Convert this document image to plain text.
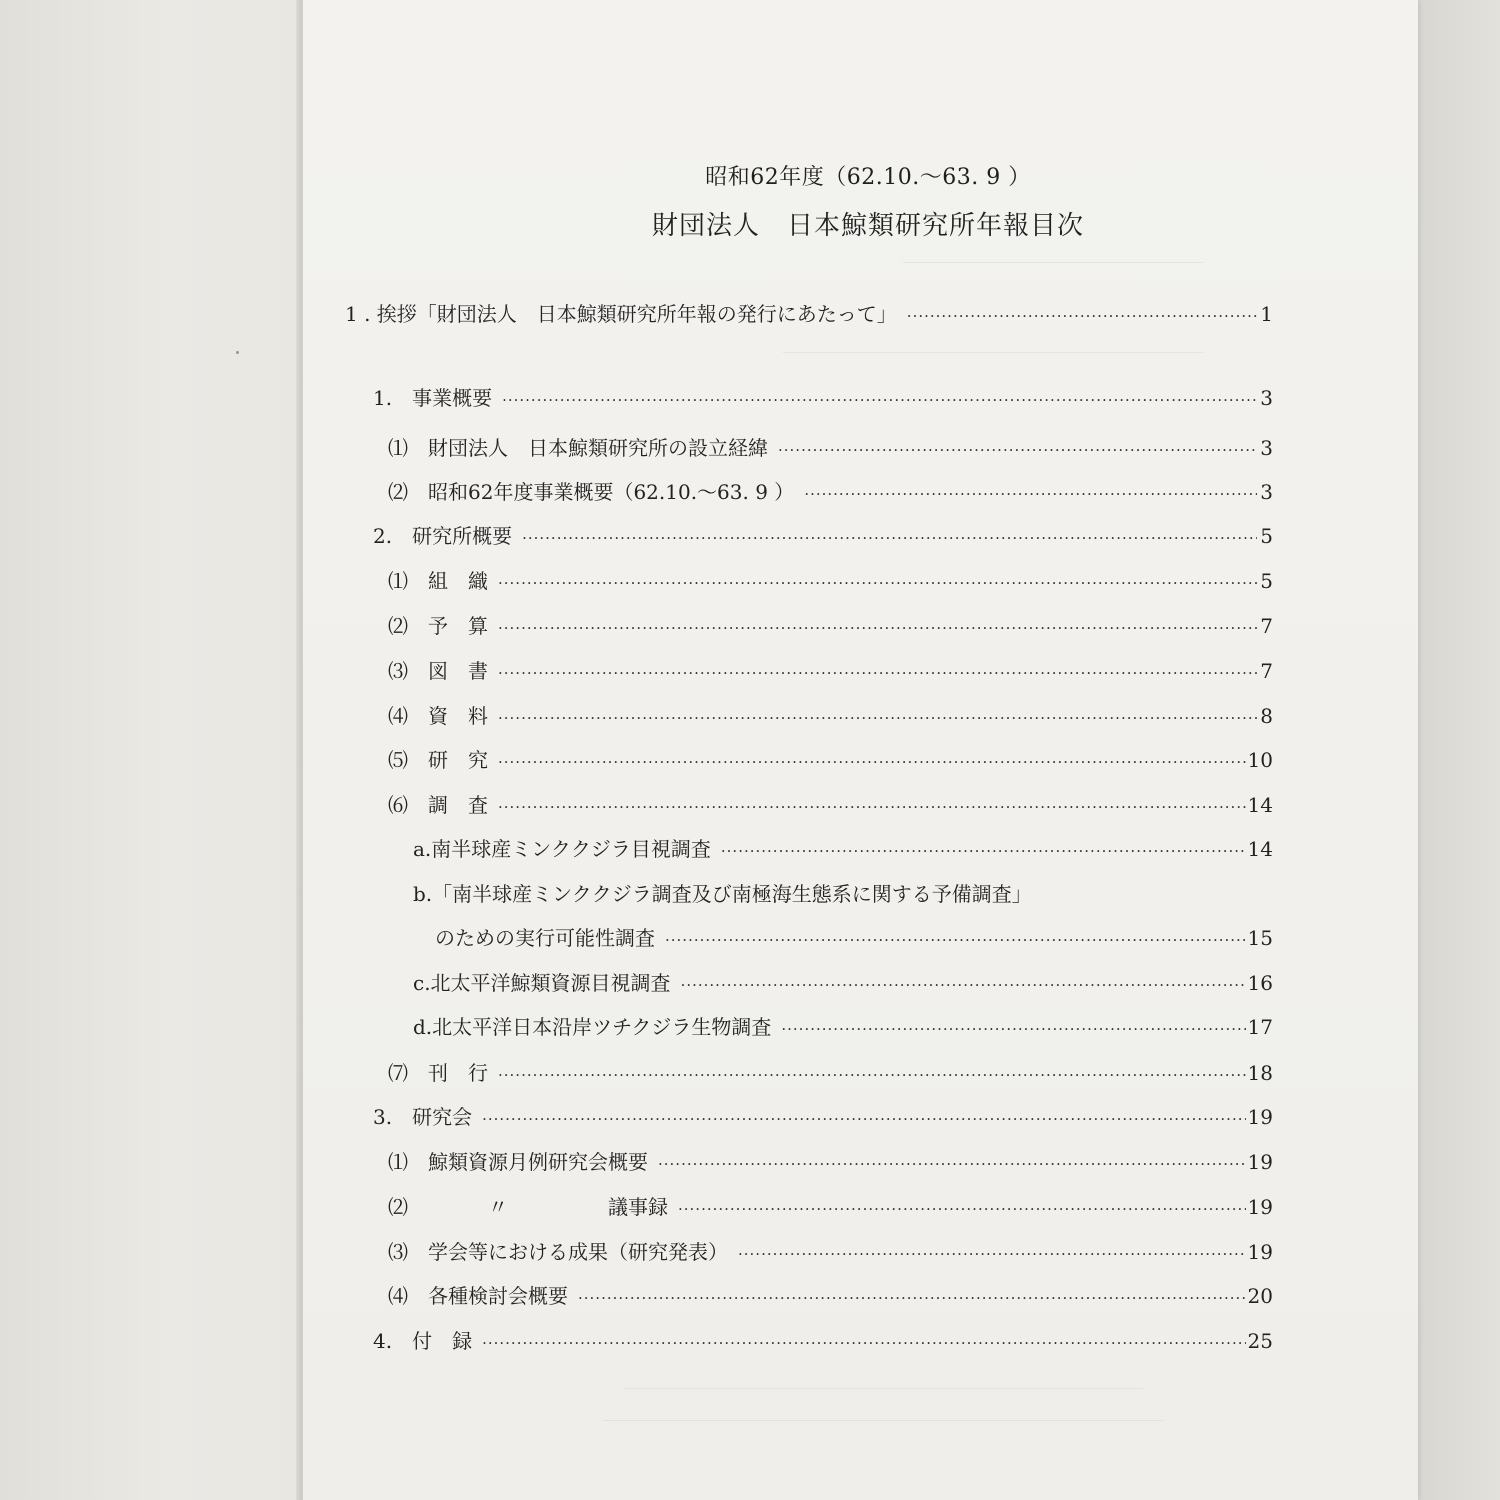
昭和62年度（62.10.～63. 9 ）
財団法人　日本鯨類研究所年報目次
1 . 挨拶「財団法人　日本鯨類研究所年報の発行にあたって」 ·····	1
1.　事業概要 ·····	3
⑴　財団法人　日本鯨類研究所の設立経緯 ·····	3
⑵　昭和62年度事業概要（62.10.～63. 9 ） ·····	3
2.　研究所概要 ·····	5
⑴　組　織 ·····	5
⑵　予　算 ·····	7
⑶　図　書 ·····	7
⑷　資　料 ·····	8
⑸　研　究 ·····	10
⑹　調　査 ·····	14
a.南半球産ミンククジラ目視調査 ·····	14
b.「南半球産ミンククジラ調査及び南極海生態系に関する予備調査」
のための実行可能性調査 ·····	15
c.北太平洋鯨類資源目視調査 ·····	16
d.北太平洋日本沿岸ツチクジラ生物調査 ·····	17
⑺　刊　行 ·····	18
3.　研究会 ·····	19
⑴　鯨類資源月例研究会概要 ·····	19
⑵　　　　〃　　　　　議事録 ·····	19
⑶　学会等における成果（研究発表） ·····	19
⑷　各種検討会概要 ·····	20
4.　付　録 ·····	25
